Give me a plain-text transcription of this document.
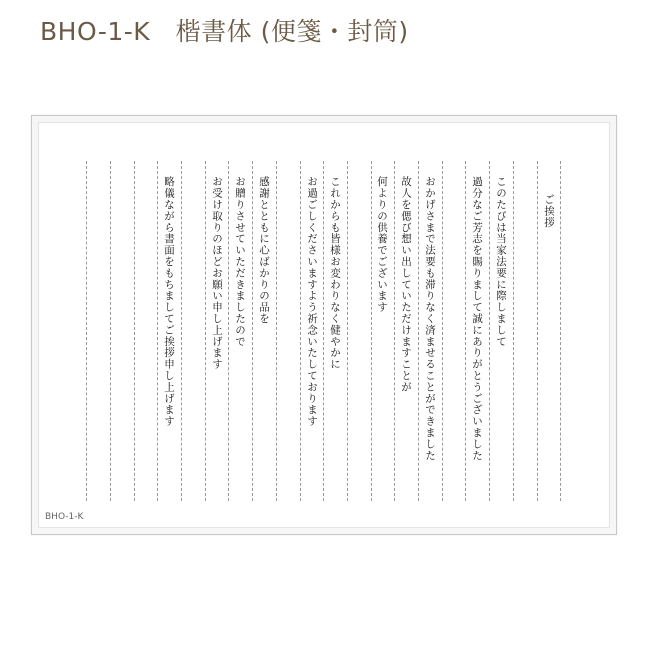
BHO-1-K　楷書体 (便箋・封筒)
ご挨拶
このたびは当家法要に際しまして
過分なご芳志を賜りまして誠にありがとうございました
おかげさまで法要も滞りなく済ませることができました
故人を偲び想い出していただけますことが
何よりの供養でございます
これからも皆様お変わりなく健やかに
お過ごしくださいますよう祈念いたしております
感謝とともに心ばかりの品を
お贈りさせていただきましたので
お受け取りのほどお願い申し上げます
略儀ながら書面をもちましてご挨拶申し上げます
BHO-1-K
